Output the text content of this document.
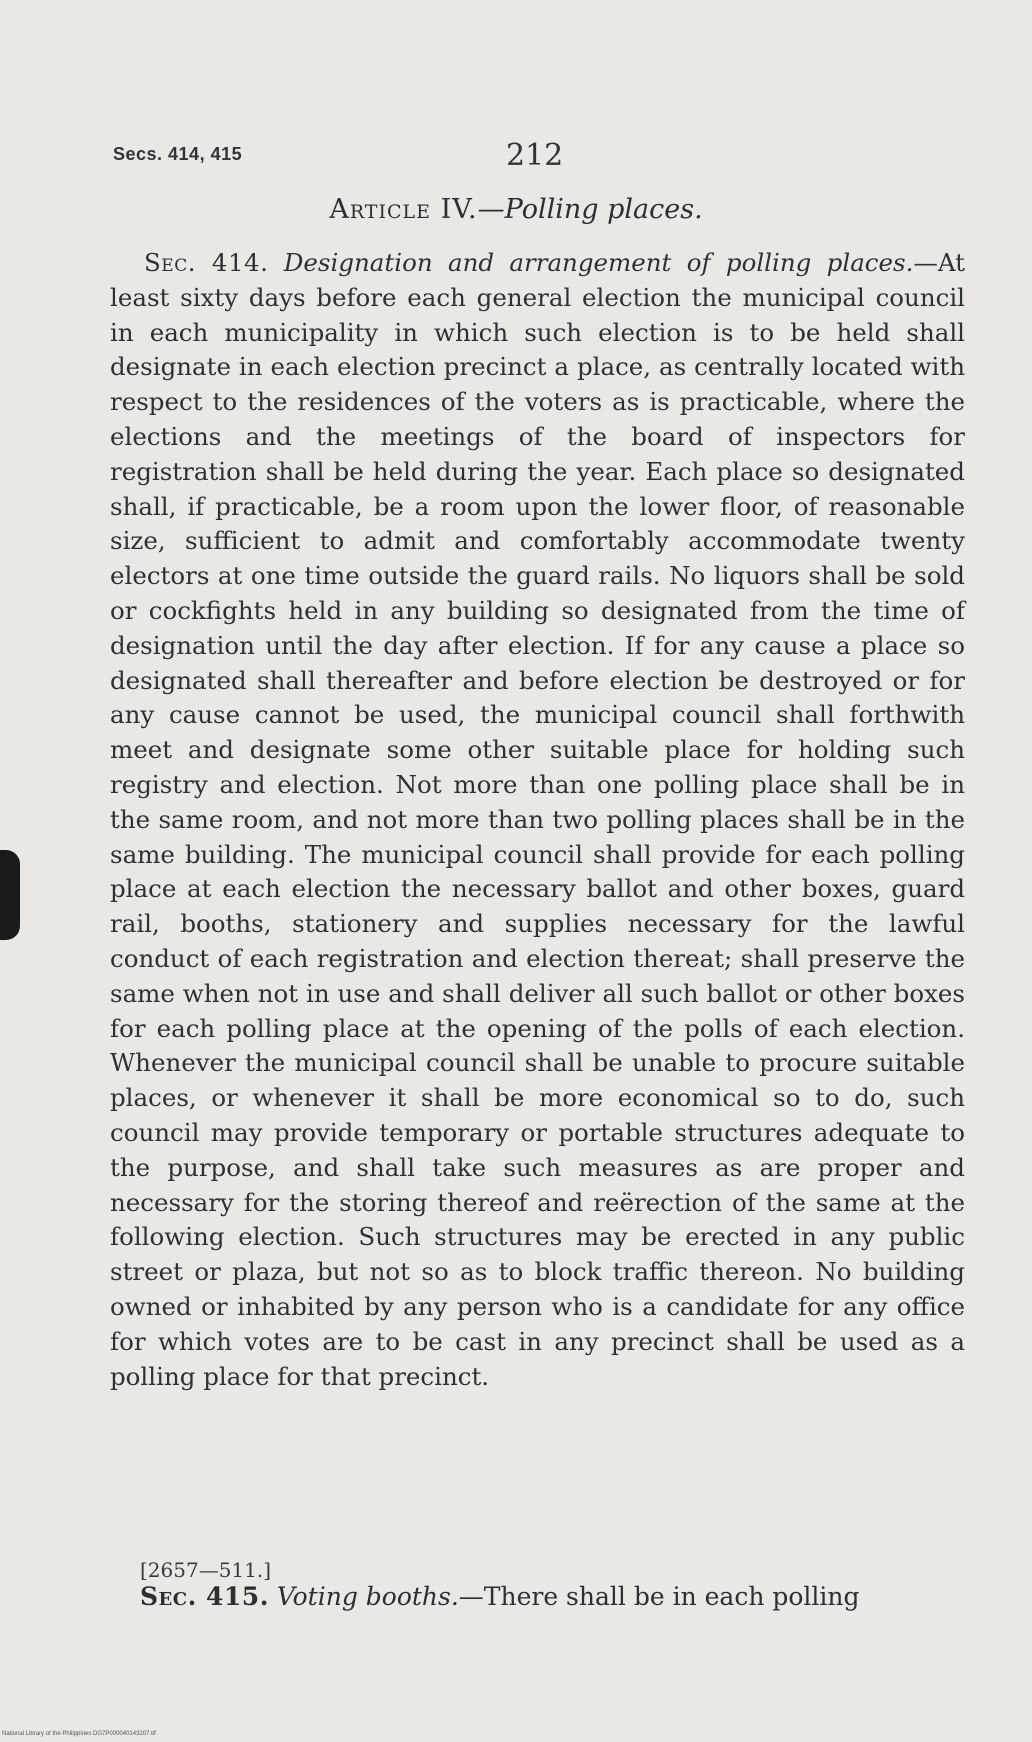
Secs. 414, 415	212
Article IV.—Polling places.

Sec. 414. Designation and arrangement of polling places.—At least sixty days before each general election the municipal council in each municipality in which such election is to be held shall designate in each election precinct a place, as centrally located with respect to the residences of the voters as is practicable, where the elections and the meetings of the board of inspectors for registration shall be held during the year. Each place so designated shall, if practicable, be a room upon the lower floor, of reasonable size, sufficient to admit and comfortably accommodate twenty electors at one time outside the guard rails. No liquors shall be sold or cockfights held in any building so designated from the time of designation until the day after election. If for any cause a place so designated shall thereafter and before election be destroyed or for any cause cannot be used, the municipal council shall forthwith meet and designate some other suitable place for holding such registry and election. Not more than one polling place shall be in the same room, and not more than two polling places shall be in the same building. The municipal council shall provide for each polling place at each election the necessary ballot and other boxes, guard rail, booths, stationery and supplies necessary for the lawful conduct of each registration and election thereat; shall preserve the same when not in use and shall deliver all such ballot or other boxes for each polling place at the opening of the polls of each election. Whenever the municipal council shall be unable to procure suitable places, or whenever it shall be more economical so to do, such council may provide temporary or portable structures adequate to the purpose, and shall take such measures as are proper and necessary for the storing thereof and reërection of the same at the following election. Such structures may be erected in any public street or plaza, but not so as to block traffic thereon. No building owned or inhabited by any person who is a candidate for any office for which votes are to be cast in any precinct shall be used as a polling place for that precinct.

[2657—511.]
Sec. 415. Voting booths.—There shall be in each polling
National Library of the Philippines DG7P000040143207.tif
